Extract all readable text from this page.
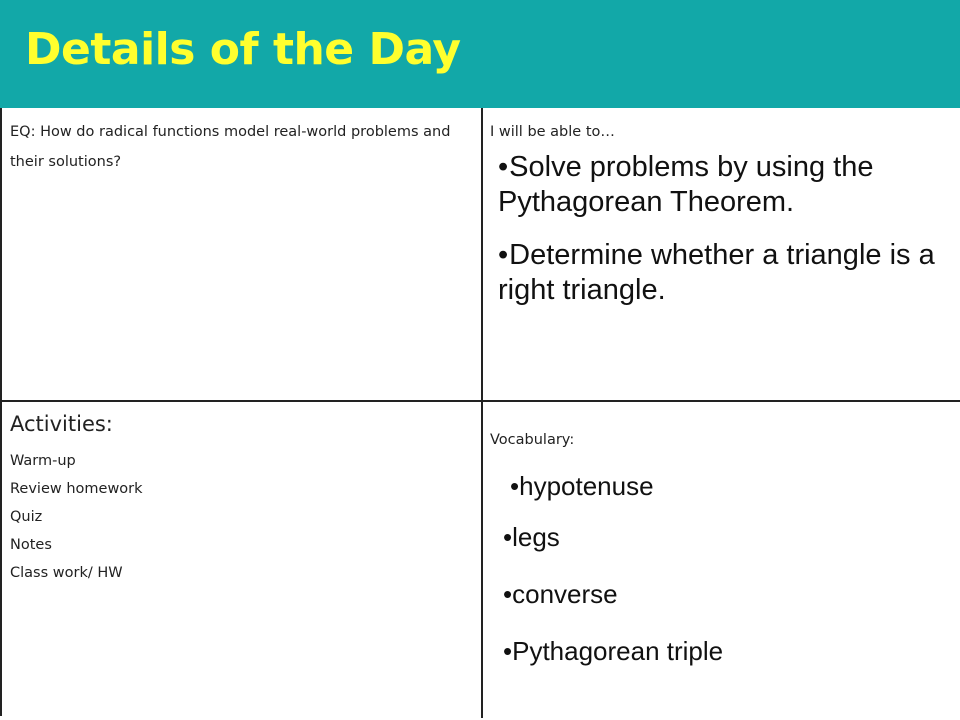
Details of the Day
EQ: How do radical functions model real-world problems and their solutions?
I will be able to…
•Solve problems by using the Pythagorean Theorem.
•Determine whether a triangle is a right triangle.
Activities:
Warm-up
Review homework
Quiz
Notes
Class work/ HW
Vocabulary:
•hypotenuse
•legs
•converse
•Pythagorean triple
